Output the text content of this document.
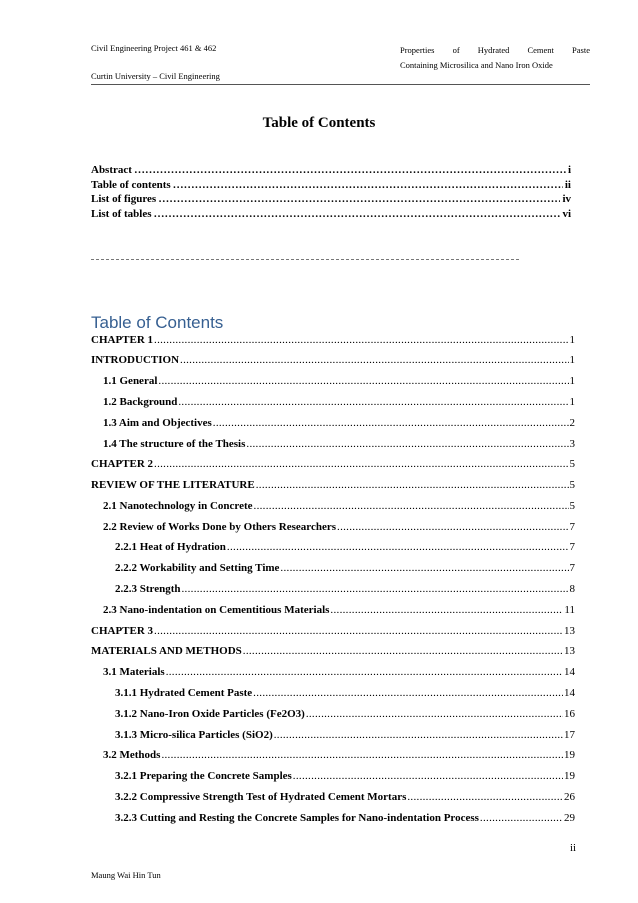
Civil Engineering Project 461 & 462	Properties of Hydrated Cement Paste
Containing Microsilica and Nano Iron Oxide
Curtin University – Civil Engineering
Table of Contents
Abstract ……………………………………………………………………………………………………………………………………………………	i
Table of contents ……………………………………………………………………………………………………………………………………………………	ii
List of figures ……………………………………………………………………………………………………………………………………………………	iv
List of tables ……………………………………………………………………………………………………………………………………………………	vi
Table of Contents
CHAPTER 1 .....	1
INTRODUCTION .....	1
1.1 General .....	1
1.2 Background .....	1
1.3 Aim and Objectives .....	2
1.4 The structure of the Thesis .....	3
CHAPTER 2 .....	5
REVIEW OF THE LITERATURE .....	5
2.1 Nanotechnology in Concrete .....	5
2.2 Review of Works Done by Others Researchers .....	7
2.2.1 Heat of Hydration .....	7
2.2.2 Workability and Setting Time .....	7
2.2.3 Strength .....	8
2.3 Nano-indentation on Cementitious Materials .....	11
CHAPTER 3 .....	13
MATERIALS AND METHODS .....	13
3.1 Materials .....	14
3.1.1 Hydrated Cement Paste .....	14
3.1.2 Nano-Iron Oxide Particles (Fe2O3) .....	16
3.1.3 Micro-silica Particles (SiO2) .....	17
3.2 Methods .....	19
3.2.1 Preparing the Concrete Samples .....	19
3.2.2 Compressive Strength Test of Hydrated Cement Mortars .....	26
3.2.3 Cutting and Resting the Concrete Samples for Nano-indentation Process .....	29
ii
Maung Wai Hin Tun
